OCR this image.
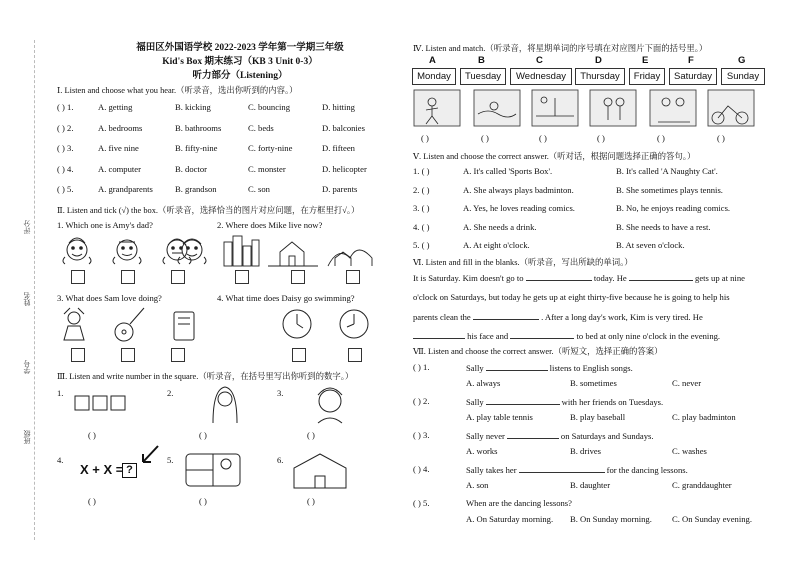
评分
姓名
学号
班级
福田区外国语学校 2022-2023 学年第一学期三年级
Kid's Box 期末练习（KB 3 Unit 0-3）
听力部分（Listening）
Ⅰ. Listen and choose what you hear.（听录音，选出你听到的内容。）
( ) 1.	A. getting	B. kicking	C. bouncing	D. hitting
( ) 2.	A. bedrooms	B. bathrooms	C. beds	D. balconies
( ) 3.	A. five nine	B. fifty-nine	C. forty-nine	D. fifteen
( ) 4.	A. computer	B. doctor	C. monster	D. helicopter
( ) 5.	A. grandparents	B. grandson	C. son	D. parents
Ⅱ. Listen and tick (√) the box.（听录音，选择恰当的图片对应问题，在方框里打√。）
1. Which one is Amy's dad?	2. Where does Mike live now?
3. What does Sam love doing?	4. What time does Daisy go swimming?
Ⅲ. Listen and write number in the square.（听录音，在括号里写出你听到的数字。）
1.	2.	3.
( )	( )	( )
4.	5.	6.
X + X = ?
( )	( )	( )
Ⅳ. Listen and match.（听录音，将星期单词的序号填在对应图片下面的括号里。）
A
Monday
B
Tuesday
C
Wednesday
D
Thursday
E
Friday
F
Saturday
G
Sunday
( )	( )	( )	( )	( )	( )
Ⅴ. Listen and choose the correct answer.（听对话，根据问题选择正确的答句。）
1. ( )	A. It's called 'Sports Box'.	B. It's called 'A Naughty Cat'.
2. ( )	A. She always plays badminton.	B. She sometimes plays tennis.
3. ( )	A. Yes, he loves reading comics.	B. No, he enjoys reading comics.
4. ( )	A. She needs a drink.	B. She needs to have a rest.
5. ( )	A. At eight o'clock.	B. At seven o'clock.
Ⅵ. Listen and fill in the blanks.（听录音，写出所缺的单词。）
It is Saturday. Kim doesn't go to	today. He	gets up at nine
o'clock on Saturdays, but today he gets up at eight thirty-five because he is going to help his
parents clean the	. After a long day's work, Kim is very tired. He
his face and	to bed at only nine o'clock in the evening.
Ⅶ. Listen and choose the correct answer.（听短文，选择正确的答案）
( ) 1.	Sally	listens to English songs.
A. always	B. sometimes	C. never
( ) 2.	Sally	with her friends on Tuesdays.
A. play table tennis	B. play baseball	C. play badminton
( ) 3.	Sally never	on Saturdays and Sundays.
A. works	B. drives	C. washes
( ) 4.	Sally takes her	for the dancing lessons.
A. son	B. daughter	C. granddaughter
( ) 5.	When are the dancing lessons?
A. On Saturday morning. B. On Sunday morning. C. On Sunday evening.
